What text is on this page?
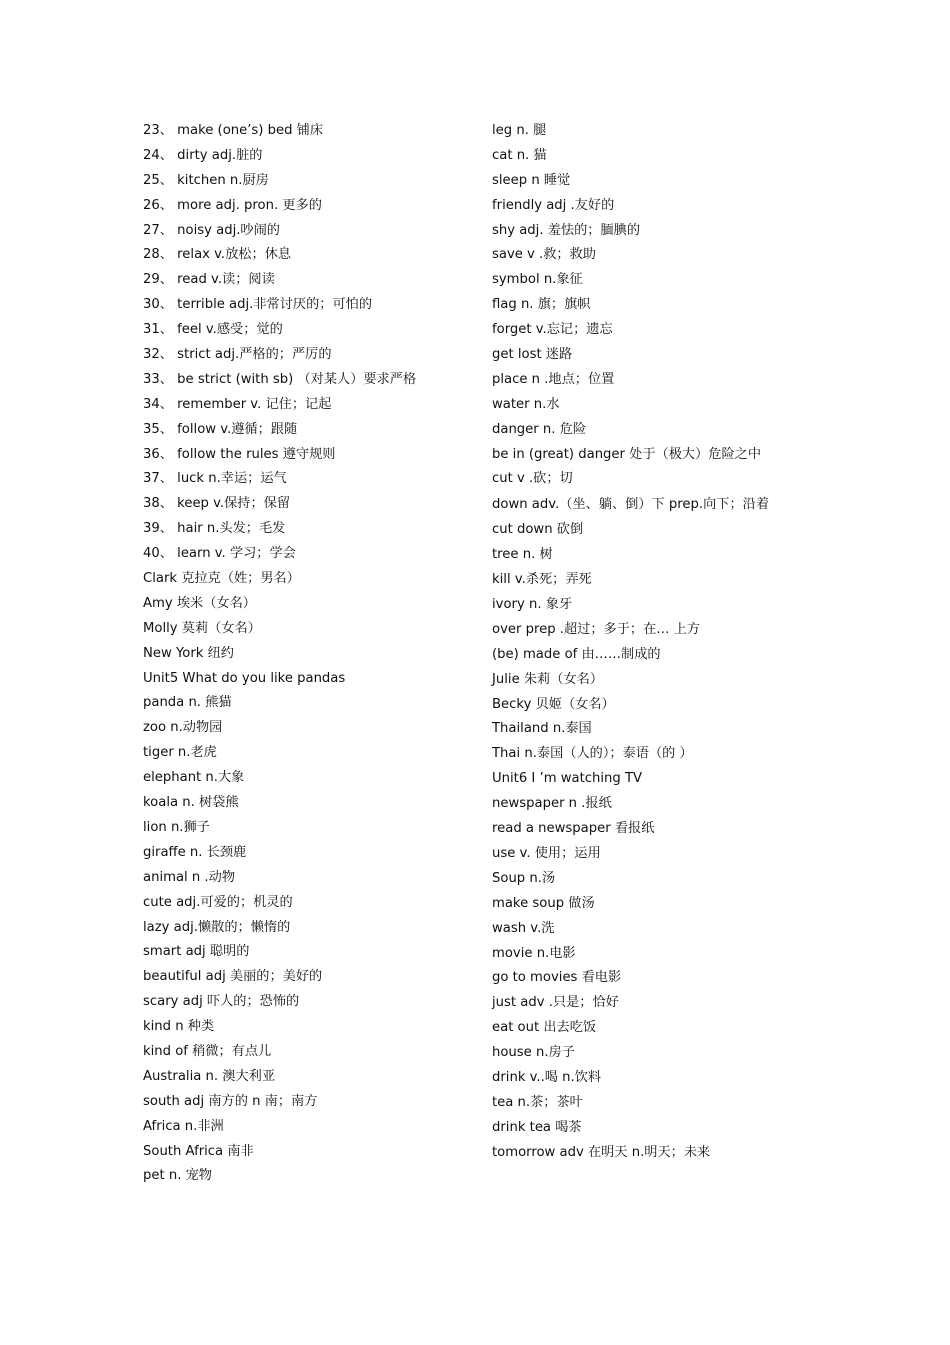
23、 make (one’s) bed 铺床
24、 dirty adj.脏的
25、 kitchen n.厨房
26、 more adj. pron. 更多的
27、 noisy adj.吵闹的
28、 relax v.放松；休息
29、 read v.读；阅读
30、 terrible adj.非常讨厌的；可怕的
31、 feel v.感受；觉的
32、 strict adj.严格的；严厉的
33、 be strict (with sb) （对某人）要求严格
34、 remember v. 记住；记起
35、 follow v.遵循；跟随
36、 follow the rules 遵守规则
37、 luck n.幸运；运气
38、 keep v.保持；保留
39、 hair n.头发；毛发
40、 learn v. 学习；学会
Clark 克拉克（姓；男名）
Amy 埃米（女名）
Molly 莫莉（女名）
New York 纽约
Unit5 What do you like pandas
panda n. 熊猫
zoo n.动物园
tiger n.老虎
elephant n.大象
koala n. 树袋熊
lion n.狮子
giraffe n. 长颈鹿
animal n .动物
cute adj.可爱的；机灵的
lazy adj.懒散的；懒惰的
smart adj 聪明的
beautiful adj 美丽的；美好的
scary adj 吓人的；恐怖的
kind n 种类
kind of 稍微；有点儿
Australia n. 澳大利亚
south adj 南方的 n 南；南方
Africa n.非洲
South Africa 南非
pet n. 宠物
leg n. 腿
cat n. 猫
sleep n 睡觉
friendly adj .友好的
shy adj. 羞怯的；腼腆的
save v .救；救助
symbol n.象征
flag n. 旗；旗帜
forget v.忘记；遗忘
get lost 迷路
place n .地点；位置
water n.水
danger n. 危险
be in (great) danger 处于（极大）危险之中
cut v .砍；切
down adv.（坐、躺、倒）下 prep.向下；沿着
cut down 砍倒
tree n. 树
kill v.杀死；弄死
ivory n. 象牙
over prep .超过；多于；在… 上方
(be) made of 由……制成的
Julie 朱莉（女名）
Becky 贝姬（女名）
Thailand n.泰国
Thai n.泰国（人的）；泰语（的 ）
Unit6 I ’m watching TV
newspaper n .报纸
read a newspaper 看报纸
use v. 使用；运用
Soup n.汤
make soup 做汤
wash v.洗
movie n.电影
go to movies 看电影
just adv .只是；恰好
eat out 出去吃饭
house n.房子
drink v..喝 n.饮料
tea n.茶；茶叶
drink tea 喝茶
tomorrow adv 在明天 n.明天；未来
